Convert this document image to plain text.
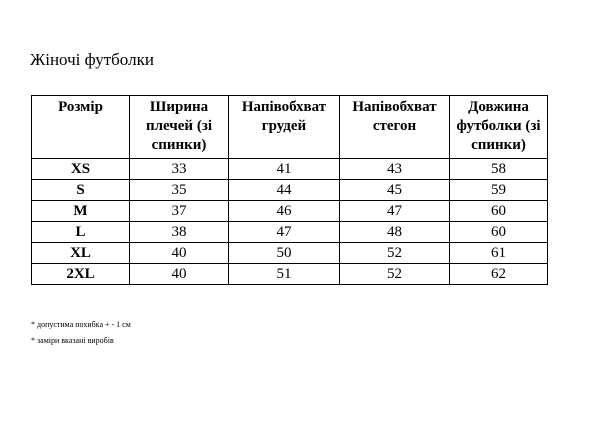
Жіночі футболки
Розмір	Ширина плечей (зі спинки)	Напівобхват грудей	Напівобхват стегон	Довжина футболки (зі спинки)
XS	33	41	43	58
S	35	44	45	59
M	37	46	47	60
L	38	47	48	60
XL	40	50	52	61
2XL	40	51	52	62
* допустима похибка + - 1 см
* заміри вказані виробів
